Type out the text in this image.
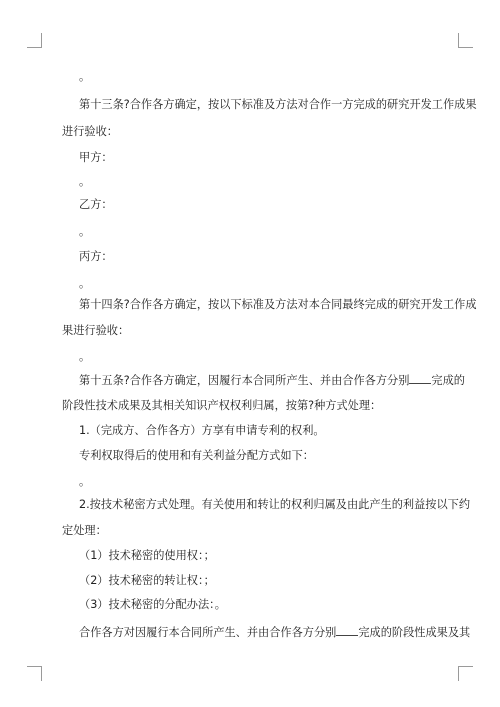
。
第十三条?合作各方确定，按以下标准及方法对合作一方完成的研究开发工作成果
进行验收：
甲方：
。
乙方：
。
丙方：
。
第十四条?合作各方确定，按以下标准及方法对本合同最终完成的研究开发工作成
果进行验收：
。
第十五条?合作各方确定，因履行本合同所产生、并由合作各方分别 完成的
阶段性技术成果及其相关知识产权权利归属，按第?种方式处理：
1.（完成方、合作各方）方享有申请专利的权利。
专利权取得后的使用和有关利益分配方式如下：
。
2.按技术秘密方式处理。有关使用和转让的权利归属及由此产生的利益按以下约
定处理：
（1）技术秘密的使用权：；
（2）技术秘密的转让权：；
（3）技术秘密的分配办法：。
合作各方对因履行本合同所产生、并由合作各方分别 完成的阶段性成果及其
